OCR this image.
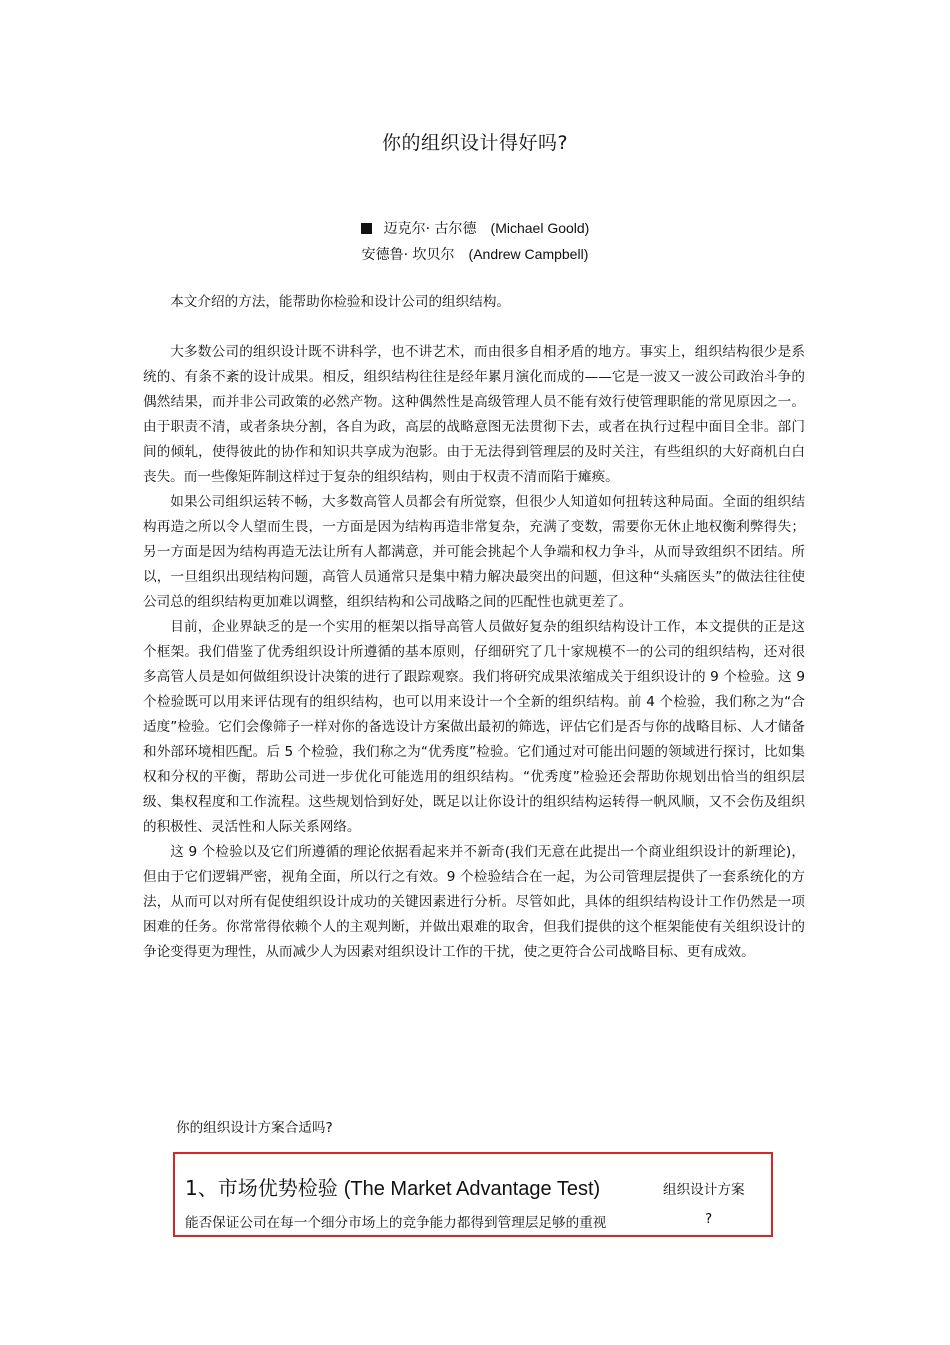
你的组织设计得好吗?
迈克尔· 古尔德 (Michael Goold)
安德鲁· 坎贝尔 (Andrew Campbell)

本文介绍的方法，能帮助你检验和设计公司的组织结构。

大多数公司的组织设计既不讲科学，也不讲艺术，而由很多自相矛盾的地方。事实上，组织结构很少是系统的、有条不紊的设计成果。相反，组织结构往往是经年累月演化而成的——它是一波又一波公司政治斗争的偶然结果，而并非公司政策的必然产物。这种偶然性是高级管理人员不能有效行使管理职能的常见原因之一。由于职责不清，或者条块分割，各自为政，高层的战略意图无法贯彻下去，或者在执行过程中面目全非。部门间的倾轧，使得彼此的协作和知识共享成为泡影。由于无法得到管理层的及时关注，有些组织的大好商机白白丧失。而一些像矩阵制这样过于复杂的组织结构，则由于权责不清而陷于瘫痪。

如果公司组织运转不畅，大多数高管人员都会有所觉察，但很少人知道如何扭转这种局面。全面的组织结构再造之所以令人望而生畏，一方面是因为结构再造非常复杂，充满了变数，需要你无休止地权衡利弊得失；另一方面是因为结构再造无法让所有人都满意，并可能会挑起个人争端和权力争斗，从而导致组织不团结。所以，一旦组织出现结构问题，高管人员通常只是集中精力解决最突出的问题，但这种“头痛医头”的做法往往使公司总的组织结构更加难以调整，组织结构和公司战略之间的匹配性也就更差了。

目前，企业界缺乏的是一个实用的框架以指导高管人员做好复杂的组织结构设计工作，本文提供的正是这个框架。我们借鉴了优秀组织设计所遵循的基本原则，仔细研究了几十家规模不一的公司的组织结构，还对很多高管人员是如何做组织设计决策的进行了跟踪观察。我们将研究成果浓缩成关于组织设计的 9 个检验。这 9 个检验既可以用来评估现有的组织结构，也可以用来设计一个全新的组织结构。前 4 个检验，我们称之为“合适度”检验。它们会像筛子一样对你的备选设计方案做出最初的筛选，评估它们是否与你的战略目标、人才储备和外部环境相匹配。后 5 个检验，我们称之为“优秀度”检验。它们通过对可能出问题的领域进行探讨，比如集权和分权的平衡，帮助公司进一步优化可能选用的组织结构。“优秀度”检验还会帮助你规划出恰当的组织层级、集权程度和工作流程。这些规划恰到好处，既足以让你设计的组织结构运转得一帆风顺，又不会伤及组织的积极性、灵活性和人际关系网络。

这 9 个检验以及它们所遵循的理论依据看起来并不新奇(我们无意在此提出一个商业组织设计的新理论)，但由于它们逻辑严密，视角全面，所以行之有效。9 个检验结合在一起，为公司管理层提供了一套系统化的方法，从而可以对所有促使组织设计成功的关键因素进行分析。尽管如此，具体的组织结构设计工作仍然是一项困难的任务。你常常得依赖个人的主观判断，并做出艰难的取舍，但我们提供的这个框架能使有关组织设计的争论变得更为理性，从而减少人为因素对组织设计工作的干扰，使之更符合公司战略目标、更有成效。

你的组织设计方案合适吗?
1、市场优势检验 (The Market Advantage Test)	组织设计方案
能否保证公司在每一个细分市场上的竞争能力都得到管理层足够的重视	?
